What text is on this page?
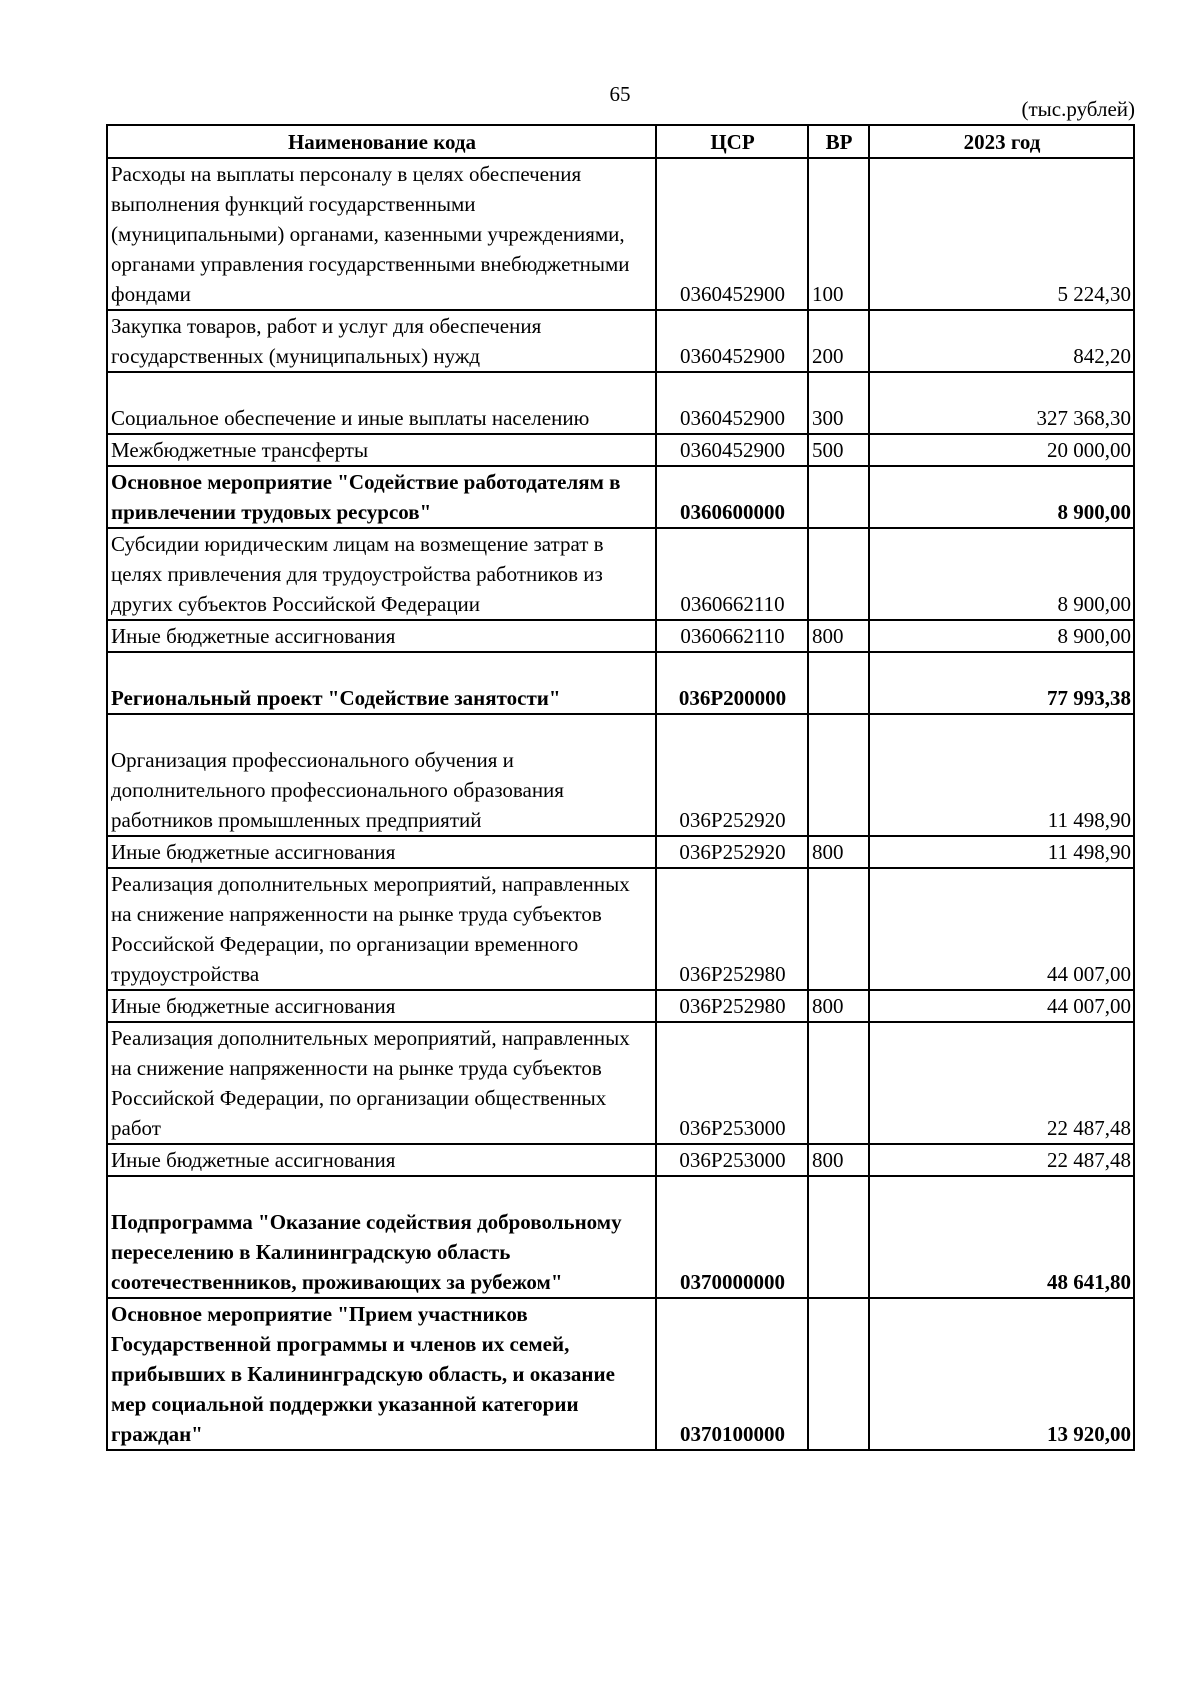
65
(тыс.рублей)
Наименование кода	ЦСР	ВР	2023 год
Расходы на выплаты персоналу в целях обеспечения выполнения функций государственными (муниципальными) органами, казенными учреждениями, органами управления государственными внебюджетными фондами	0360452900	100	5 224,30
Закупка товаров, работ и услуг для обеспечения государственных (муниципальных) нужд	0360452900	200	842,20
Социальное обеспечение и иные выплаты населению	0360452900	300	327 368,30
Межбюджетные трансферты	0360452900	500	20 000,00
Основное мероприятие "Содействие работодателям в привлечении трудовых ресурсов"	0360600000		8 900,00
Субсидии юридическим лицам на возмещение затрат в целях привлечения для трудоустройства работников из других субъектов Российской Федерации	0360662110		8 900,00
Иные бюджетные ассигнования	0360662110	800	8 900,00
Региональный проект "Содействие занятости"	036Р200000		77 993,38
Организация профессионального обучения и дополнительного профессионального образования работников промышленных предприятий	036Р252920		11 498,90
Иные бюджетные ассигнования	036Р252920	800	11 498,90
Реализация дополнительных мероприятий, направленных на снижение напряженности на рынке труда субъектов Российской Федерации, по организации временного трудоустройства	036Р252980		44 007,00
Иные бюджетные ассигнования	036Р252980	800	44 007,00
Реализация дополнительных мероприятий, направленных на снижение напряженности на рынке труда субъектов Российской Федерации, по организации общественных работ	036Р253000		22 487,48
Иные бюджетные ассигнования	036Р253000	800	22 487,48
Подпрограмма "Оказание содействия добровольному переселению в Калининградскую область соотечественников, проживающих за рубежом"	0370000000		48 641,80
Основное мероприятие "Прием участников Государственной программы и членов их семей, прибывших в Калининградскую область, и оказание мер социальной поддержки указанной категории граждан"	0370100000		13 920,00
